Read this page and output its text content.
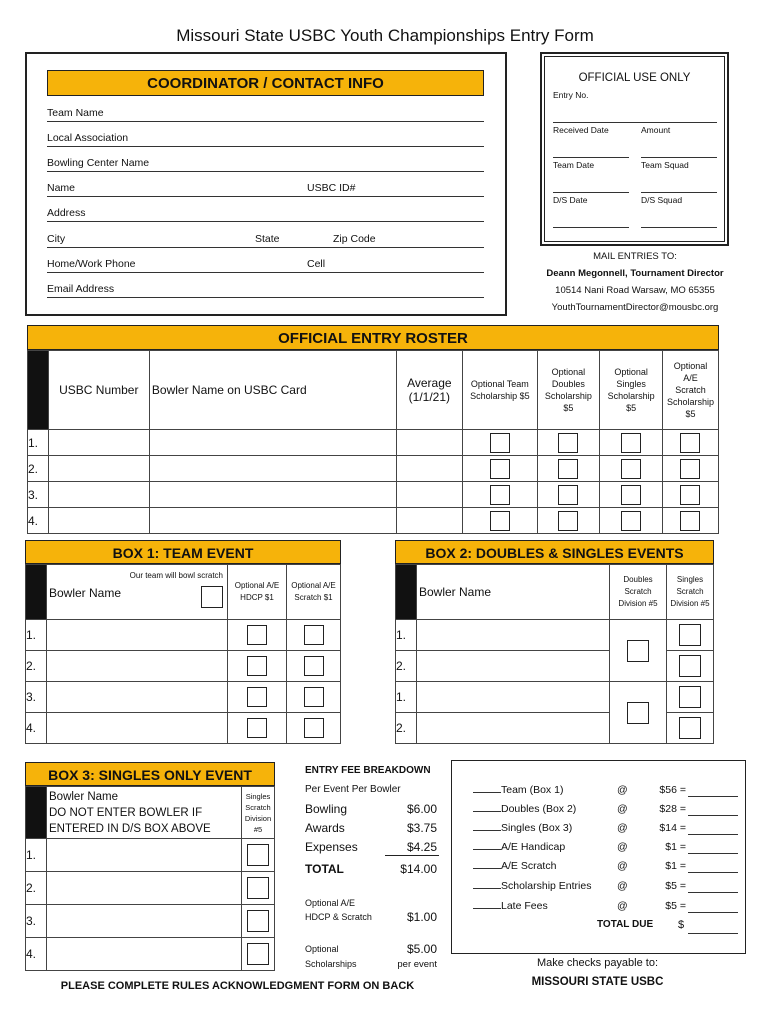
Missouri State USBC Youth Championships Entry Form
COORDINATOR / CONTACT INFO
Team Name
Local Association
Bowling Center Name
Name	USBC ID#
Address
City	State	Zip Code
Home/Work Phone	Cell
Email Address
OFFICIAL USE ONLY
Entry No.
Received Date	Amount
Team Date	Team Squad
D/S Date	D/S Squad
MAIL ENTRIES TO:
Deann Megonnell, Tournament Director
10514 Nani Road Warsaw, MO 65355
YouthTournamentDirector@mousbc.org
OFFICIAL ENTRY ROSTER
	USBC Number	Bowler Name on USBC Card	Average (1/1/21)	Optional Team Scholarship $5	Optional Doubles Scholarship $5	Optional Singles Scholarship $5	Optional A/E Scratch Scholarship $5
1.				

2.				

3.				

4.				

BOX 1: TEAM EVENT

	Our team will bowl scratch
Bowler Name	Optional A/E HDCP $1	Optional A/E Scratch $1
1.		

2.		

3.		

4.		

BOX 2: DOUBLES & SINGLES EVENTS
	Bowler Name	Doubles Scratch Division #5	Singles Scratch Division #5
1.		

2.			

1.		

2.			
BOX 3: SINGLES ONLY EVENT

	Bowler Name
DO NOT ENTER BOWLER IF
ENTERED IN D/S BOX ABOVE	Singles Scratch Division #5
1.		

2.		

3.		

4.		
ENTRY FEE BREAKDOWN
Per Event Per Bowler
Bowling	$6.00
Awards	$3.75
Expenses	$4.25
TOTAL	$14.00
Optional A/E
HDCP & Scratch	$1.00
Optional
Scholarships
$5.00
per event
Team (Box 1)	@	$56 =
Doubles (Box 2)	@	$28 =
Singles (Box 3)	@	$14 =
A/E Handicap	@	$1 =
A/E Scratch	@	$1 =
Scholarship Entries @	$5 =
Late Fees	@	$5 =
TOTAL DUE $
Make checks payable to:
MISSOURI STATE USBC
PLEASE COMPLETE RULES ACKNOWLEDGMENT FORM ON BACK
